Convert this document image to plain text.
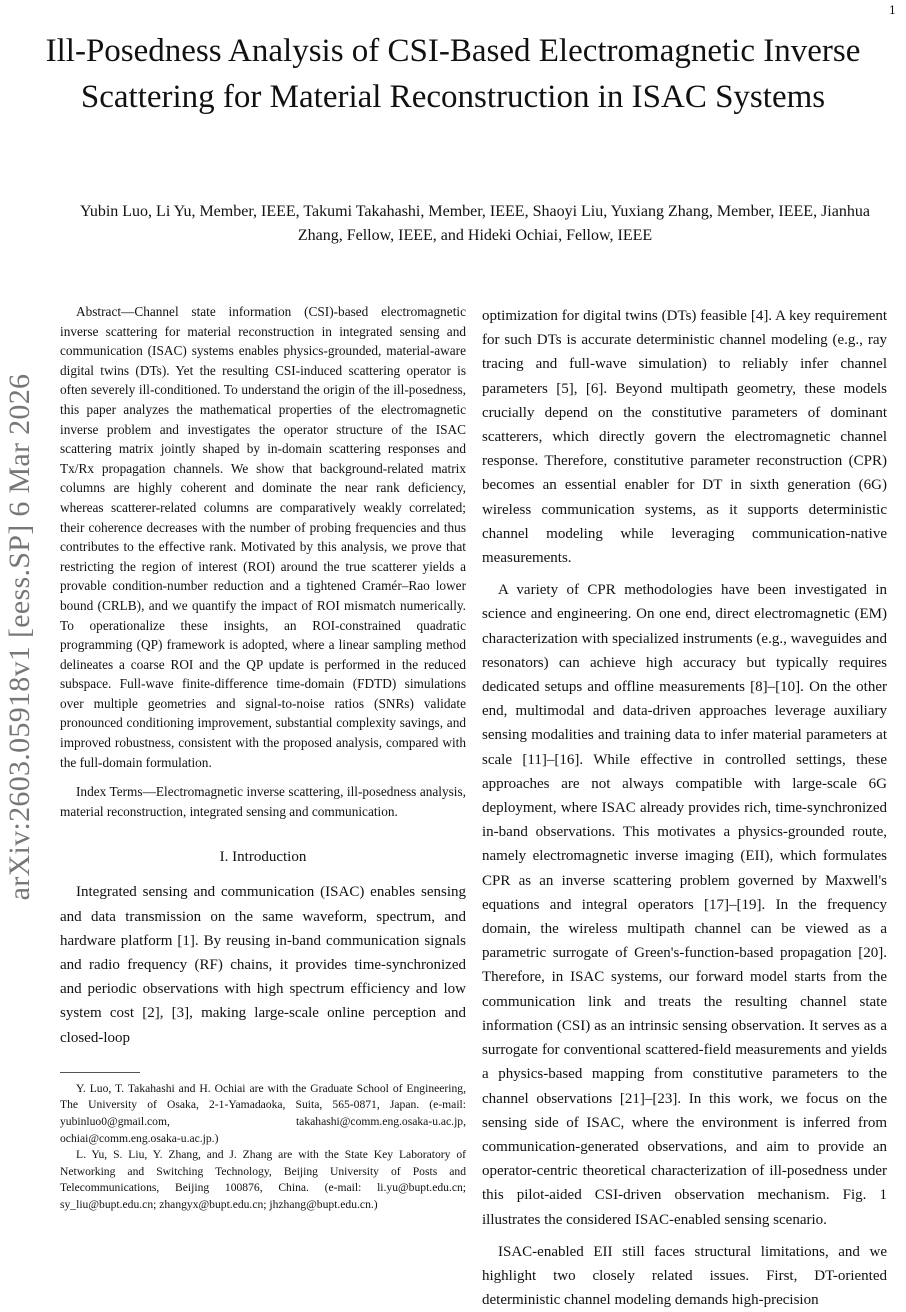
1
Ill-Posedness Analysis of CSI-Based Electromagnetic Inverse Scattering for Material Reconstruction in ISAC Systems
Yubin Luo, Li Yu, Member, IEEE, Takumi Takahashi, Member, IEEE, Shaoyi Liu, Yuxiang Zhang, Member, IEEE, Jianhua Zhang, Fellow, IEEE, and Hideki Ochiai, Fellow, IEEE
arXiv:2603.05918v1 [eess.SP] 6 Mar 2026

Abstract—Channel state information (CSI)-based electromagnetic inverse scattering for material reconstruction in integrated sensing and communication (ISAC) systems enables physics-grounded, material-aware digital twins (DTs). Yet the resulting CSI-induced scattering operator is often severely ill-conditioned. To understand the origin of the ill-posedness, this paper analyzes the mathematical properties of the electromagnetic inverse problem and investigates the operator structure of the ISAC scattering matrix jointly shaped by in-domain scattering responses and Tx/Rx propagation channels. We show that background-related matrix columns are highly coherent and dominate the near rank deficiency, whereas scatterer-related columns are comparatively weakly correlated; their coherence decreases with the number of probing frequencies and thus contributes to the effective rank. Motivated by this analysis, we prove that restricting the region of interest (ROI) around the true scatterer yields a provable condition-number reduction and a tightened Cramér–Rao lower bound (CRLB), and we quantify the impact of ROI mismatch numerically. To operationalize these insights, an ROI-constrained quadratic programming (QP) framework is adopted, where a linear sampling method delineates a coarse ROI and the QP update is performed in the reduced subspace. Full-wave finite-difference time-domain (FDTD) simulations over multiple geometries and signal-to-noise ratios (SNRs) validate pronounced conditioning improvement, substantial complexity savings, and improved robustness, consistent with the proposed analysis, compared with the full-domain formulation.

Index Terms—Electromagnetic inverse scattering, ill-posedness analysis, material reconstruction, integrated sensing and communication.

I. Introduction

Integrated sensing and communication (ISAC) enables sensing and data transmission on the same waveform, spectrum, and hardware platform [1]. By reusing in-band communication signals and radio frequency (RF) chains, it provides time-synchronized and periodic observations with high spectrum efficiency and low system cost [2], [3], making large-scale online perception and closed-loop

Y. Luo, T. Takahashi and H. Ochiai are with the Graduate School of Engineering, The University of Osaka, 2-1-Yamadaoka, Suita, 565-0871, Japan. (e-mail: yubinluo0@gmail.com, takahashi@comm.eng.osaka-u.ac.jp, ochiai@comm.eng.osaka-u.ac.jp.)

L. Yu, S. Liu, Y. Zhang, and J. Zhang are with the State Key Laboratory of Networking and Switching Technology, Beijing University of Posts and Telecommunications, Beijing 100876, China. (e-mail: li.yu@bupt.edu.cn; sy_liu@bupt.edu.cn; zhangyx@bupt.edu.cn; jhzhang@bupt.edu.cn.)

optimization for digital twins (DTs) feasible [4]. A key requirement for such DTs is accurate deterministic channel modeling (e.g., ray tracing and full-wave simulation) to reliably infer channel parameters [5], [6]. Beyond multipath geometry, these models crucially depend on the constitutive parameters of dominant scatterers, which directly govern the electromagnetic channel response. Therefore, constitutive parameter reconstruction (CPR) becomes an essential enabler for DT in sixth generation (6G) wireless communication systems, as it supports deterministic channel modeling while leveraging communication-native measurements.

A variety of CPR methodologies have been investigated in science and engineering. On one end, direct electromagnetic (EM) characterization with specialized instruments (e.g., waveguides and resonators) can achieve high accuracy but typically requires dedicated setups and offline measurements [8]–[10]. On the other end, multimodal and data-driven approaches leverage auxiliary sensing modalities and training data to infer material parameters at scale [11]–[16]. While effective in controlled settings, these approaches are not always compatible with large-scale 6G deployment, where ISAC already provides rich, time-synchronized in-band observations. This motivates a physics-grounded route, namely electromagnetic inverse imaging (EII), which formulates CPR as an inverse scattering problem governed by Maxwell's equations and integral operators [17]–[19]. In the frequency domain, the wireless multipath channel can be viewed as a parametric surrogate of Green's-function-based propagation [20]. Therefore, in ISAC systems, our forward model starts from the communication link and treats the resulting channel state information (CSI) as an intrinsic sensing observation. It serves as a surrogate for conventional scattered-field measurements and yields a physics-based mapping from constitutive parameters to the channel observations [21]–[23]. In this work, we focus on the sensing side of ISAC, where the environment is inferred from communication-generated observations, and aim to provide an operator-centric theoretical characterization of ill-posedness under this pilot-aided CSI-driven observation mechanism. Fig. 1 illustrates the considered ISAC-enabled sensing scenario.

ISAC-enabled EII still faces structural limitations, and we highlight two closely related issues. First, DT-oriented deterministic channel modeling demands high-precision
